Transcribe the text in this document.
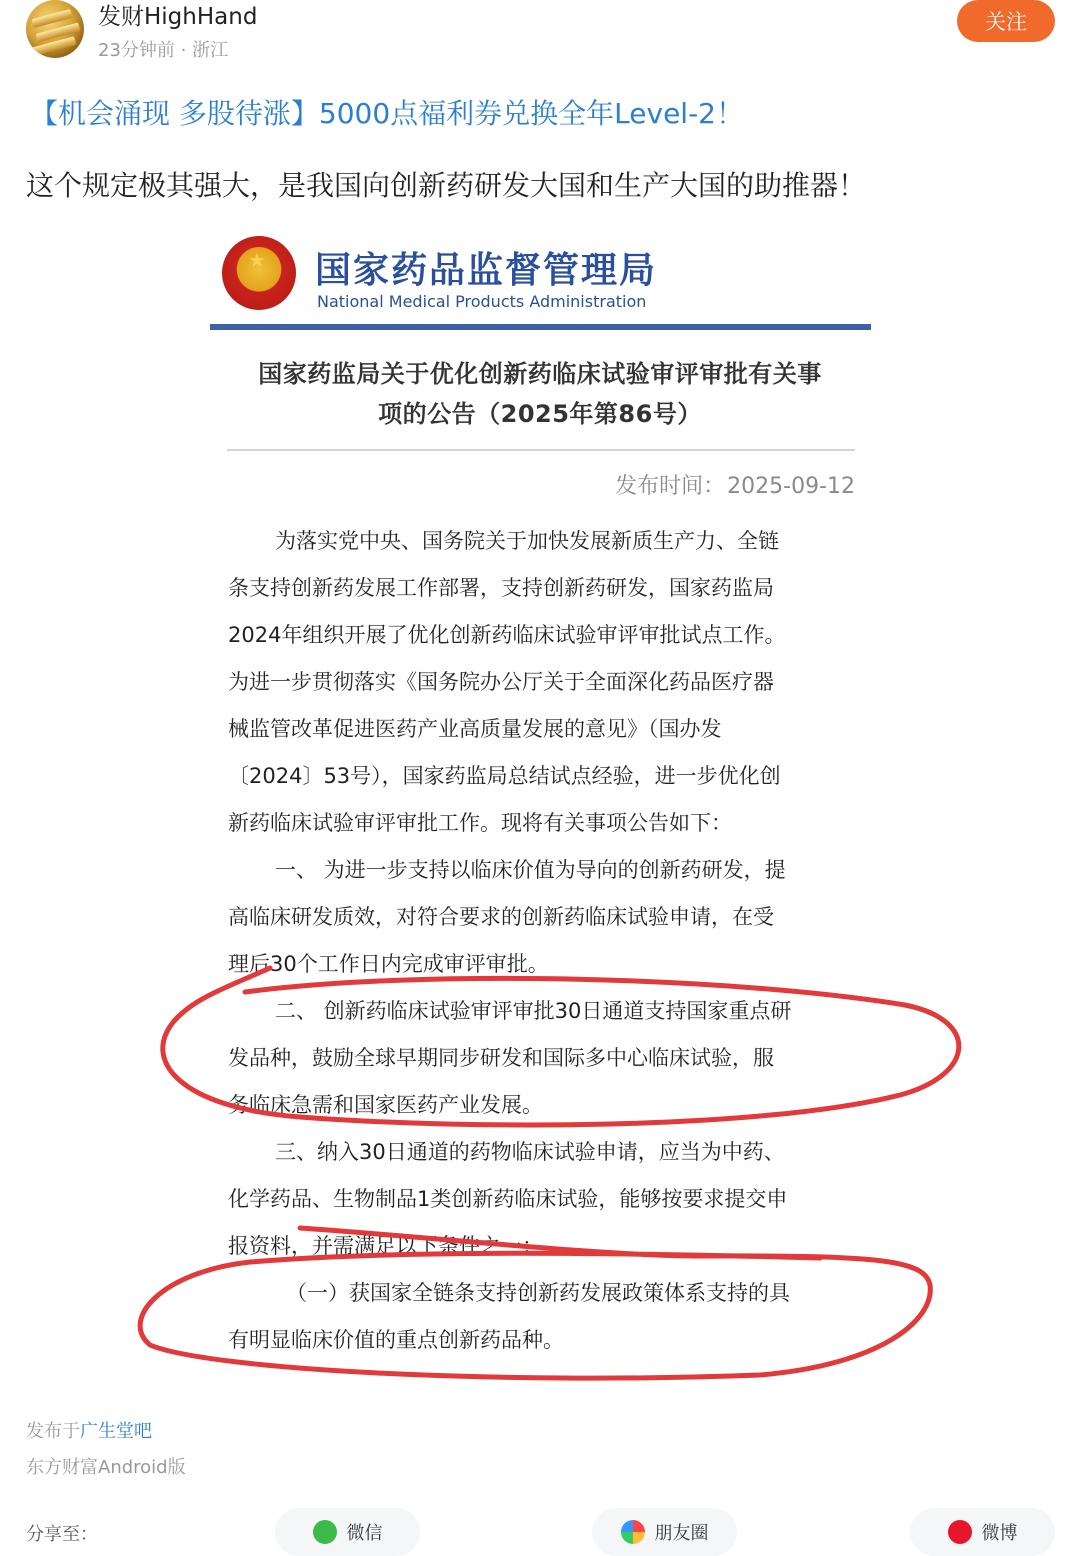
发财HighHand
23分钟前 · 浙江
关注
【机会涌现 多股待涨】5000点福利券兑换全年Level-2！
这个规定极其强大，是我国向创新药研发大国和生产大国的助推器！
★ 国家药品监督管理局
National Medical Products Administration
国家药监局关于优化创新药临床试验审评审批有关事
项的公告（2025年第86号）
发布时间：2025-09-12
为落实党中央、国务院关于加快发展新质生产力、全链
条支持创新药发展工作部署，支持创新药研发，国家药监局
2024年组织开展了优化创新药临床试验审评审批试点工作。
为进一步贯彻落实《国务院办公厅关于全面深化药品医疗器
械监管改革促进医药产业高质量发展的意见》（国办发
〔2024〕53号），国家药监局总结试点经验，进一步优化创
新药临床试验审评审批工作。现将有关事项公告如下：
一、 为进一步支持以临床价值为导向的创新药研发，提
高临床研发质效，对符合要求的创新药临床试验申请，在受
理后30个工作日内完成审评审批。
二、 创新药临床试验审评审批30日通道支持国家重点研
发品种，鼓励全球早期同步研发和国际多中心临床试验，服
务临床急需和国家医药产业发展。
三、纳入30日通道的药物临床试验申请，应当为中药、
化学药品、生物制品1类创新药临床试验，能够按要求提交申
报资料，并需满足以下条件之一：
（一）获国家全链条支持创新药发展政策体系支持的具
有明显临床价值的重点创新药品种。
发布于广生堂吧
东方财富Android版
分享至：	微信	朋友圈	微博
